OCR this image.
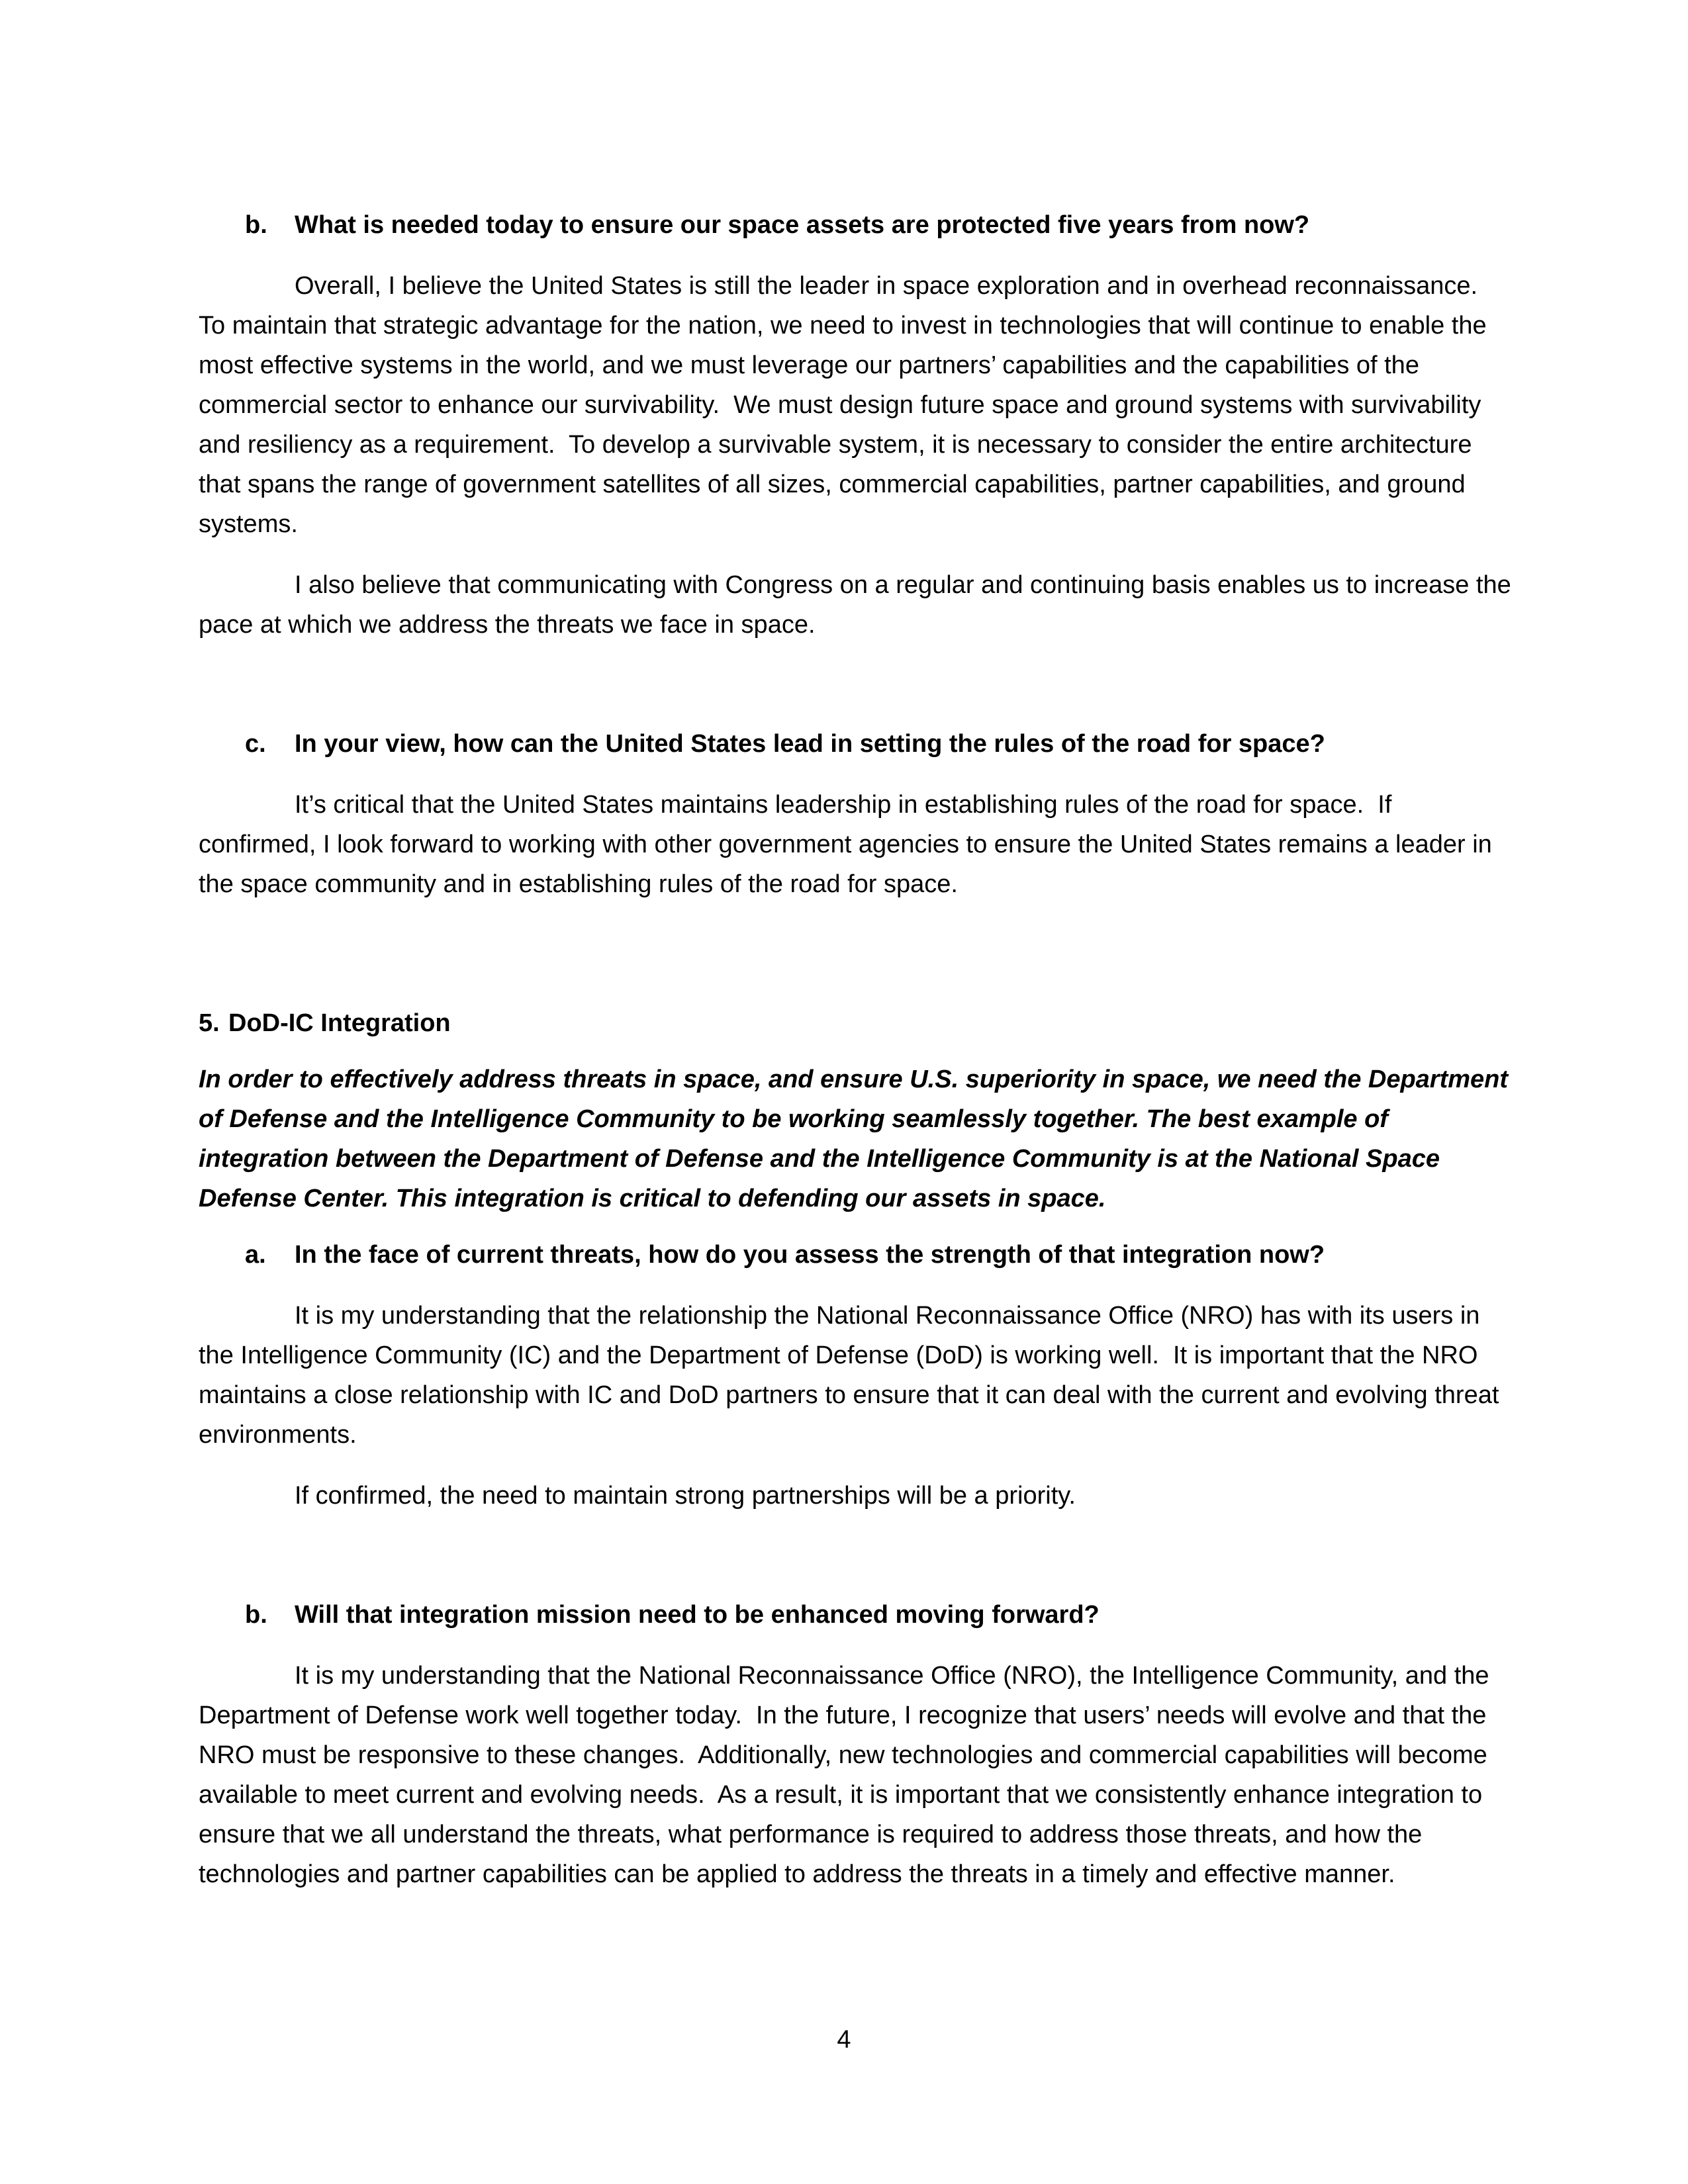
b.	What is needed today to ensure our space assets are protected five years from now?

Overall, I believe the United States is still the leader in space exploration and in overhead reconnaissance.  To maintain that strategic advantage for the nation, we need to invest in technologies that will continue to enable the most effective systems in the world, and we must leverage our partners’ capabilities and the capabilities of the commercial sector to enhance our survivability.  We must design future space and ground systems with survivability and resiliency as a requirement.  To develop a survivable system, it is necessary to consider the entire architecture that spans the range of government satellites of all sizes, commercial capabilities, partner capabilities, and ground systems.

I also believe that communicating with Congress on a regular and continuing basis enables us to increase the pace at which we address the threats we face in space.

c.	In your view, how can the United States lead in setting the rules of the road for space?

It’s critical that the United States maintains leadership in establishing rules of the road for space.  If confirmed, I look forward to working with other government agencies to ensure the United States remains a leader in the space community and in establishing rules of the road for space.

5. DoD-IC Integration

In order to effectively address threats in space, and ensure U.S. superiority in space, we need the Department of Defense and the Intelligence Community to be working seamlessly together. The best example of integration between the Department of Defense and the Intelligence Community is at the National Space Defense Center. This integration is critical to defending our assets in space.

a.	In the face of current threats, how do you assess the strength of that integration now?

It is my understanding that the relationship the National Reconnaissance Office (NRO) has with its users in the Intelligence Community (IC) and the Department of Defense (DoD) is working well.  It is important that the NRO maintains a close relationship with IC and DoD partners to ensure that it can deal with the current and evolving threat environments.

If confirmed, the need to maintain strong partnerships will be a priority.

b.	Will that integration mission need to be enhanced moving forward?

It is my understanding that the National Reconnaissance Office (NRO), the Intelligence Community, and the Department of Defense work well together today.  In the future, I recognize that users’ needs will evolve and that the NRO must be responsive to these changes.  Additionally, new technologies and commercial capabilities will become available to meet current and evolving needs.  As a result, it is important that we consistently enhance integration to ensure that we all understand the threats, what performance is required to address those threats, and how the technologies and partner capabilities can be applied to address the threats in a timely and effective manner.

4
